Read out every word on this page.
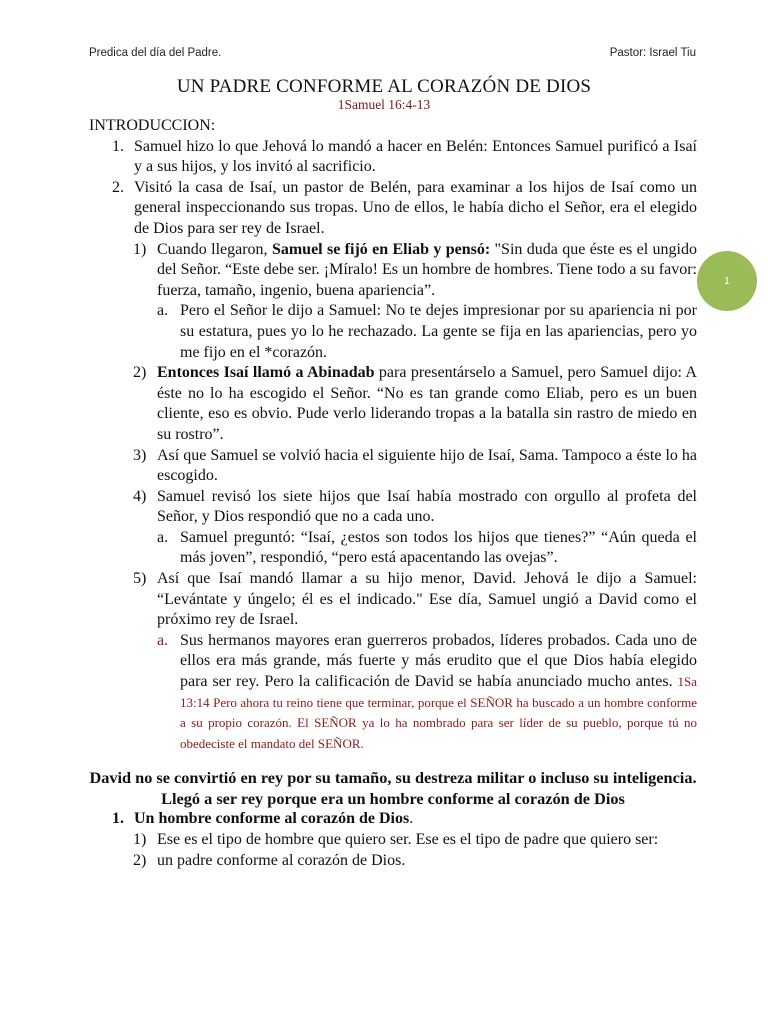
Predica del día del Padre.	Pastor: Israel Tiu
UN PADRE CONFORME AL CORAZÓN DE DIOS
1Samuel 16:4-13
1
INTRODUCCION:
1. Samuel hizo lo que Jehová lo mandó a hacer en Belén: Entonces Samuel purificó a Isaí y a sus hijos, y los invitó al sacrificio.
2. Visitó la casa de Isaí, un pastor de Belén, para examinar a los hijos de Isaí como un general inspeccionando sus tropas. Uno de ellos, le había dicho el Señor, era el elegido de Dios para ser rey de Israel.
1) Cuando llegaron, Samuel se fijó en Eliab y pensó: "Sin duda que éste es el ungido del Señor. “Este debe ser. ¡Míralo! Es un hombre de hombres. Tiene todo a su favor: fuerza, tamaño, ingenio, buena apariencia”.
a. Pero el Señor le dijo a Samuel: No te dejes impresionar por su apariencia ni por su estatura, pues yo lo he rechazado. La gente se fija en las apariencias, pero yo me fijo en el *corazón.
2) Entonces Isaí llamó a Abinadab para presentárselo a Samuel, pero Samuel dijo: A éste no lo ha escogido el Señor. “No es tan grande como Eliab, pero es un buen cliente, eso es obvio. Pude verlo liderando tropas a la batalla sin rastro de miedo en su rostro”.
3) Así que Samuel se volvió hacia el siguiente hijo de Isaí, Sama. Tampoco a éste lo ha escogido.
4) Samuel revisó los siete hijos que Isaí había mostrado con orgullo al profeta del Señor, y Dios respondió que no a cada uno.
a. Samuel preguntó: “Isaí, ¿estos son todos los hijos que tienes?” “Aún queda el más joven”, respondió, “pero está apacentando las ovejas”.
5) Así que Isaí mandó llamar a su hijo menor, David. Jehová le dijo a Samuel: “Levántate y úngelo; él es el indicado." Ese día, Samuel ungió a David como el próximo rey de Israel.
a. Sus hermanos mayores eran guerreros probados, líderes probados. Cada uno de ellos era más grande, más fuerte y más erudito que el que Dios había elegido para ser rey. Pero la calificación de David se había anunciado mucho antes. 1Sa 13:14 Pero ahora tu reino tiene que terminar, porque el SEÑOR ha buscado a un hombre conforme a su propio corazón. El SEÑOR ya lo ha nombrado para ser líder de su pueblo, porque tú no obedeciste el mandato del SEÑOR.
David no se convirtió en rey por su tamaño, su destreza militar o incluso su inteligencia. Llegó a ser rey porque era un hombre conforme al corazón de Dios
1. Un hombre conforme al corazón de Dios.
1) Ese es el tipo de hombre que quiero ser. Ese es el tipo de padre que quiero ser:
2) un padre conforme al corazón de Dios.
